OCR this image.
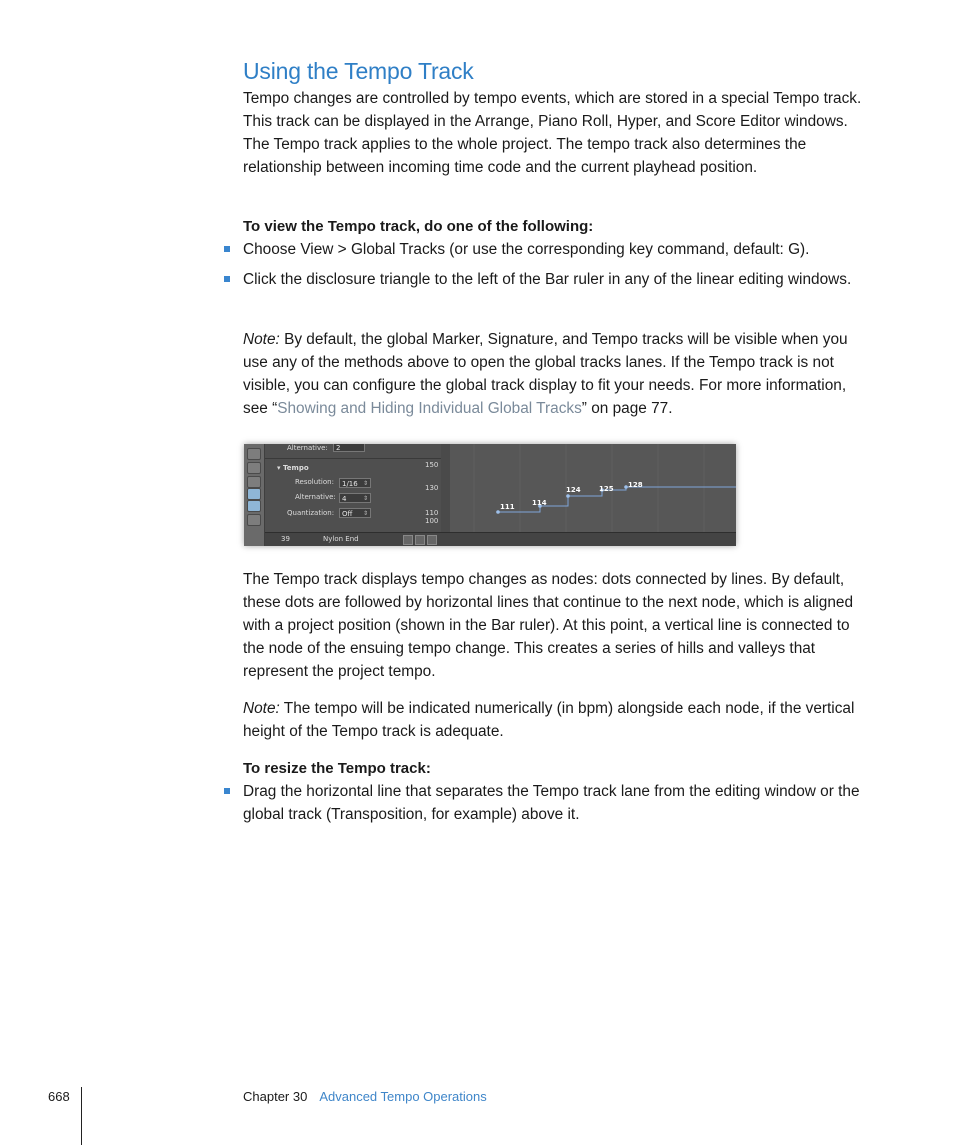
Using the Tempo Track
Tempo changes are controlled by tempo events, which are stored in a special Tempo track. This track can be displayed in the Arrange, Piano Roll, Hyper, and Score Editor windows. The Tempo track applies to the whole project. The tempo track also determines the relationship between incoming time code and the current playhead position.
To view the Tempo track, do one of the following:
Choose View > Global Tracks (or use the corresponding key command, default: G).
Click the disclosure triangle to the left of the Bar ruler in any of the linear editing windows.
Note: By default, the global Marker, Signature, and Tempo tracks will be visible when you use any of the methods above to open the global tracks lanes. If the Tempo track is not visible, you can configure the global track display to fit your needs. For more information, see “Showing and Hiding Individual Global Tracks” on page 77.
Alternative:	2
▾ Tempo
Resolution:	1/16 ⇕
Alternative: 4	⇕
Quantization:	Off ⇕
150
130
110
100
111 114
124	125 128
39	Nylon End
The Tempo track displays tempo changes as nodes: dots connected by lines. By default, these dots are followed by horizontal lines that continue to the next node, which is aligned with a project position (shown in the Bar ruler). At this point, a vertical line is connected to the node of the ensuing tempo change. This creates a series of hills and valleys that represent the project tempo.
Note: The tempo will be indicated numerically (in bpm) alongside each node, if the vertical height of the Tempo track is adequate.
To resize the Tempo track:
Drag the horizontal line that separates the Tempo track lane from the editing window or the global track (Transposition, for example) above it.
668	Chapter 30 Advanced Tempo Operations
